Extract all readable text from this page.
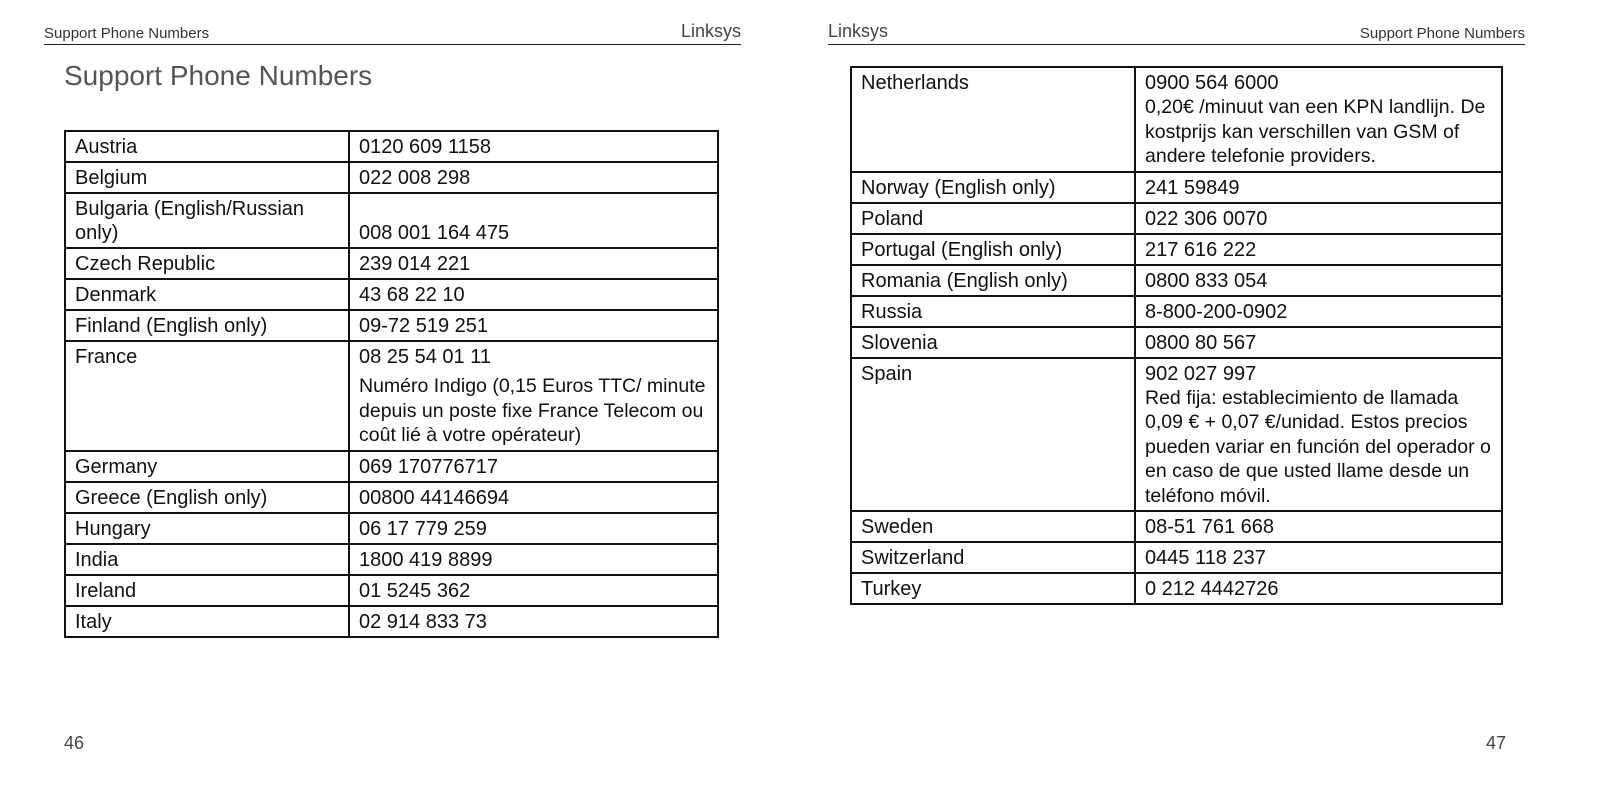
Support Phone Numbers	Linksys
Support Phone Numbers
Austria	0120 609 1158

Belgium	022 008 298

Bulgaria (English/Russian only)	008 001 164 475

Czech Republic	239 014 221

Denmark	43 68 22 10

Finland (English only)	09-72 519 251

France	08 25 54 01 11
Numéro Indigo (0,15 Euros TTC/ minute depuis un poste fixe France Telecom ou coût lié à votre opérateur)

Germany	069 170776717

Greece (English only)	00800 44146694

Hungary	06 17 779 259

India	1800 419 8899

Ireland	01 5245 362

Italy	02 914 833 73
46
Linksys	Support Phone Numbers
Netherlands	0900 564 6000
0,20€ /minuut van een KPN landlijn. De kostprijs kan verschillen van GSM of andere telefonie providers.

Norway (English only)	241 59849

Poland	022 306 0070

Portugal (English only)	217 616 222

Romania (English only)	0800 833 054

Russia	8-800-200-0902

Slovenia	0800 80 567

Spain	902 027 997
Red fija: establecimiento de llamada 0,09 € + 0,07 €/unidad. Estos precios pueden variar en función del operador o en caso de que usted llame desde un teléfono móvil.

Sweden	08-51 761 668

Switzerland	0445 118 237

Turkey	0 212 4442726
47
